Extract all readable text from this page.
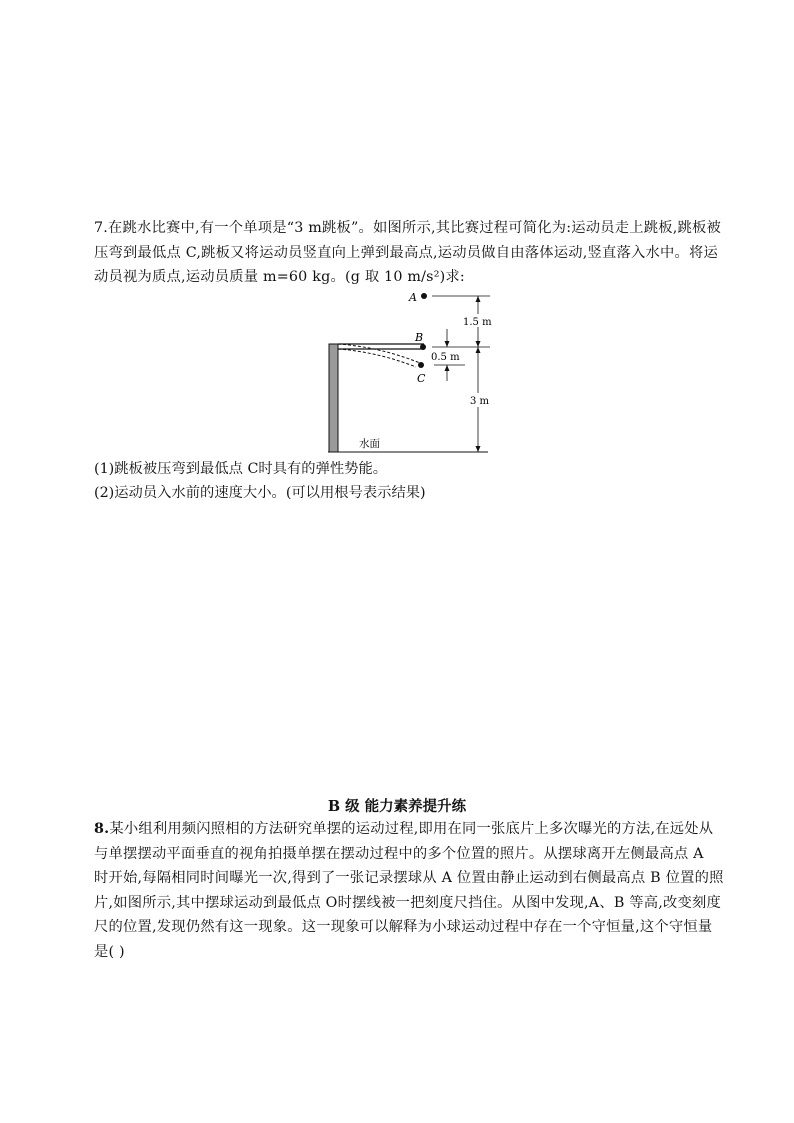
7.在跳水比赛中,有一个单项是“3 m跳板”。如图所示,其比赛过程可简化为:运动员走上跳板,跳板被
压弯到最低点 C,跳板又将运动员竖直向上弹到最高点,运动员做自由落体运动,竖直落入水中。将运
动员视为质点,运动员质量 m=60 kg。(g 取 10 m/s²)求:
A
B
C
1.5 m
3 m
0.5 m
水面
(1)跳板被压弯到最低点 C时具有的弹性势能。
(2)运动员入水前的速度大小。(可以用根号表示结果)
B 级 能力素养提升练
8.某小组利用频闪照相的方法研究单摆的运动过程,即用在同一张底片上多次曝光的方法,在远处从
与单摆摆动平面垂直的视角拍摄单摆在摆动过程中的多个位置的照片。从摆球离开左侧最高点 A
时开始,每隔相同时间曝光一次,得到了一张记录摆球从 A 位置由静止运动到右侧最高点 B 位置的照
片,如图所示,其中摆球运动到最低点 O时摆线被一把刻度尺挡住。从图中发现,A、B 等高,改变刻度
尺的位置,发现仍然有这一现象。这一现象可以解释为小球运动过程中存在一个守恒量,这个守恒量
是( )
